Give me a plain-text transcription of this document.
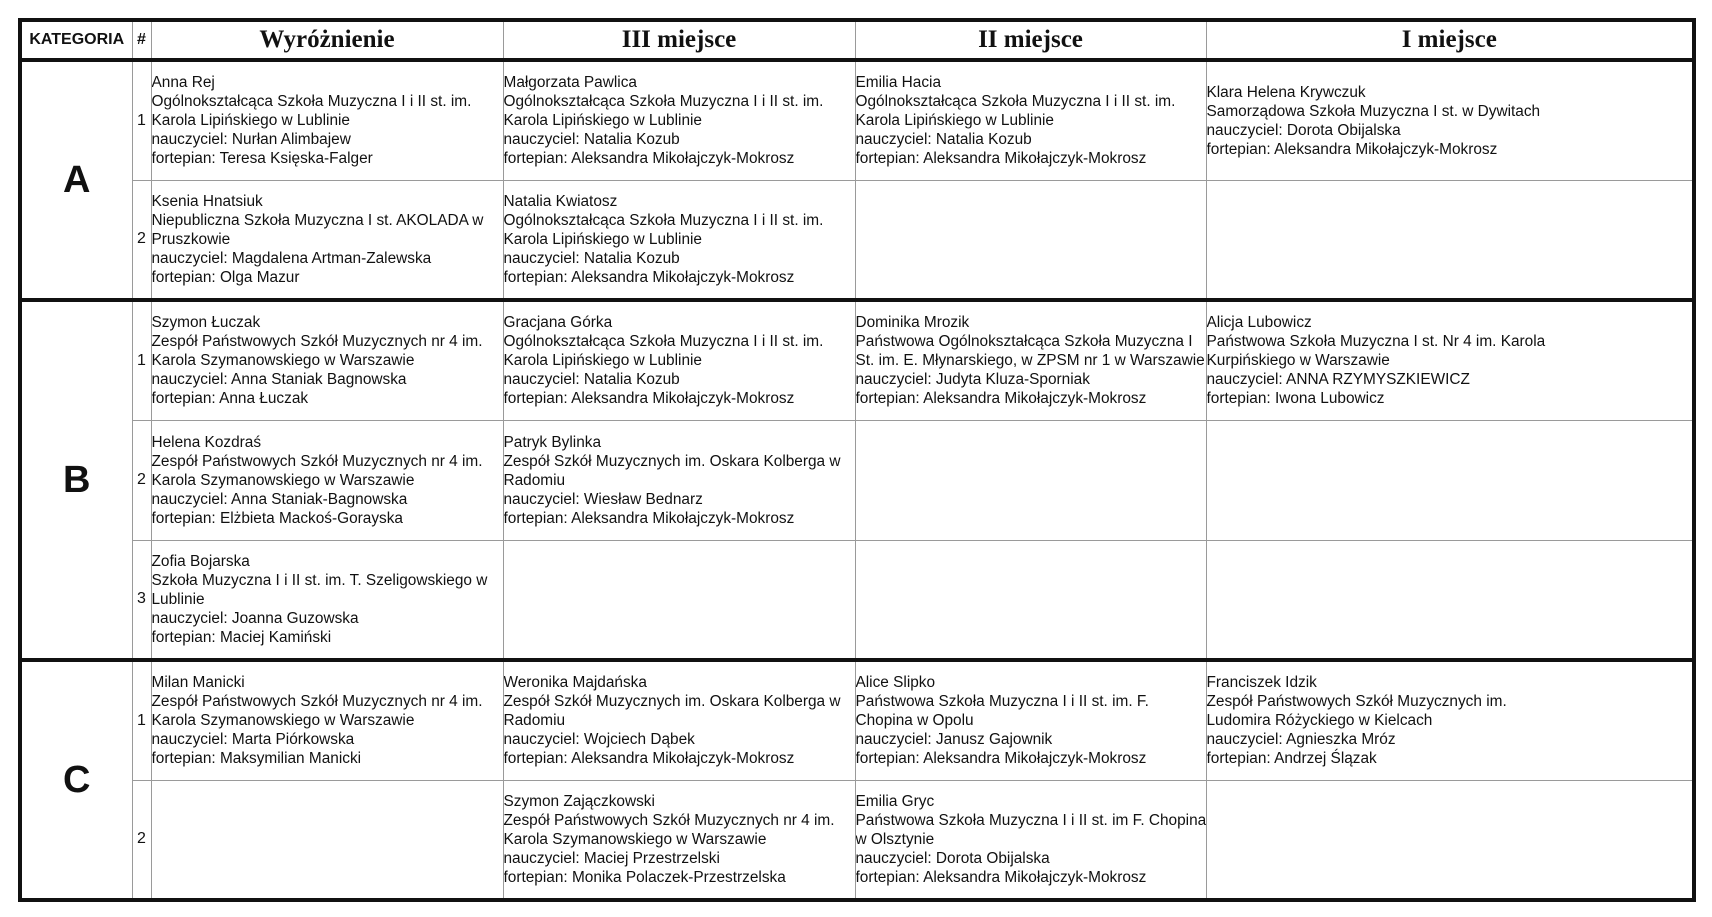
KATEGORIA	#	Wyróżnienie	III miejsce	II miejsce	I miejsce
A	1	Anna Rej
Ogólnokształcąca Szkoła Muzyczna I i II st. im.
Karola Lipińskiego w Lublinie
nauczyciel: Nurłan Alimbajew
fortepian: Teresa Księska-Falger	Małgorzata Pawlica
Ogólnokształcąca Szkoła Muzyczna I i II st. im.
Karola Lipińskiego w Lublinie
nauczyciel: Natalia Kozub
fortepian: Aleksandra Mikołajczyk-Mokrosz	Emilia Hacia
Ogólnokształcąca Szkoła Muzyczna I i II st. im.
Karola Lipińskiego w Lublinie
nauczyciel: Natalia Kozub
fortepian: Aleksandra Mikołajczyk-Mokrosz	Klara Helena Krywczuk
Samorządowa Szkoła Muzyczna I st. w Dywitach
nauczyciel: Dorota Obijalska
fortepian: Aleksandra Mikołajczyk-Mokrosz

	2	Ksenia Hnatsiuk
Niepubliczna Szkoła Muzyczna I st. AKOLADA w
Pruszkowie
nauczyciel: Magdalena Artman-Zalewska
fortepian: Olga Mazur	Natalia Kwiatosz
Ogólnokształcąca Szkoła Muzyczna I i II st. im.
Karola Lipińskiego w Lublinie
nauczyciel: Natalia Kozub
fortepian: Aleksandra Mikołajczyk-Mokrosz		

B	1	Szymon Łuczak
Zespół Państwowych Szkół Muzycznych nr 4 im.
Karola Szymanowskiego w Warszawie
nauczyciel: Anna Staniak Bagnowska
fortepian: Anna Łuczak	Gracjana Górka
Ogólnokształcąca Szkoła Muzyczna I i II st. im.
Karola Lipińskiego w Lublinie
nauczyciel: Natalia Kozub
fortepian: Aleksandra Mikołajczyk-Mokrosz	Dominika Mrozik
Państwowa Ogólnokształcąca Szkoła Muzyczna I
St. im. E. Młynarskiego, w ZPSM nr 1 w Warszawie
nauczyciel: Judyta Kluza-Sporniak
fortepian: Aleksandra Mikołajczyk-Mokrosz	Alicja Lubowicz
Państwowa Szkoła Muzyczna I st. Nr 4 im. Karola
Kurpińskiego w Warszawie
nauczyciel: ANNA RZYMYSZKIEWICZ
fortepian: Iwona Lubowicz

	2	Helena Kozdraś
Zespół Państwowych Szkół Muzycznych nr 4 im.
Karola Szymanowskiego w Warszawie
nauczyciel: Anna Staniak-Bagnowska
fortepian: Elżbieta Mackoś-Gorayska	Patryk Bylinka
Zespół Szkół Muzycznych im. Oskara Kolberga w
Radomiu
nauczyciel: Wiesław Bednarz
fortepian: Aleksandra Mikołajczyk-Mokrosz		

	3	Zofia Bojarska
Szkoła Muzyczna I i II st. im. T. Szeligowskiego w
Lublinie
nauczyciel: Joanna Guzowska
fortepian: Maciej Kamiński			

C	1	Milan Manicki
Zespół Państwowych Szkół Muzycznych nr 4 im.
Karola Szymanowskiego w Warszawie
nauczyciel: Marta Piórkowska
fortepian: Maksymilian Manicki	Weronika Majdańska
Zespół Szkół Muzycznych im. Oskara Kolberga w
Radomiu
nauczyciel: Wojciech Dąbek
fortepian: Aleksandra Mikołajczyk-Mokrosz	Alice Slipko
Państwowa Szkoła Muzyczna I i II st. im. F.
Chopina w Opolu
nauczyciel: Janusz Gajownik
fortepian: Aleksandra Mikołajczyk-Mokrosz	Franciszek Idzik
Zespół Państwowych Szkół Muzycznych im.
Ludomira Różyckiego w Kielcach
nauczyciel: Agnieszka Mróz
fortepian: Andrzej Ślązak

	2		Szymon Zajączkowski
Zespół Państwowych Szkół Muzycznych nr 4 im.
Karola Szymanowskiego w Warszawie
nauczyciel: Maciej Przestrzelski
fortepian: Monika Polaczek-Przestrzelska	Emilia Gryc
Państwowa Szkoła Muzyczna I i II st. im F. Chopina
w Olsztynie
nauczyciel: Dorota Obijalska
fortepian: Aleksandra Mikołajczyk-Mokrosz	
